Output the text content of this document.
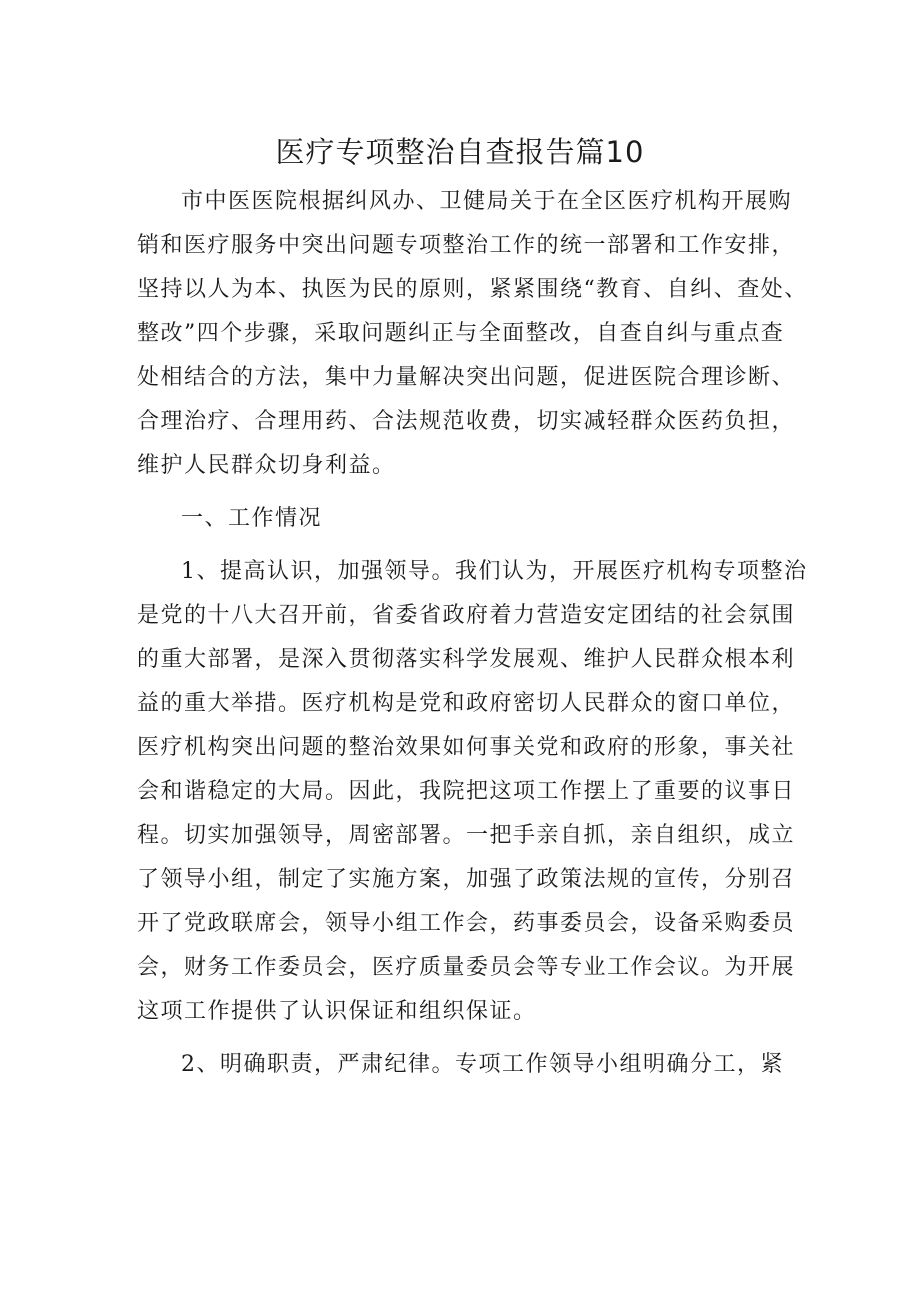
医疗专项整治自查报告篇10
市中医医院根据纠风办、卫健局关于在全区医疗机构开展购
销和医疗服务中突出问题专项整治工作的统一部署和工作安排，
坚持以人为本、执医为民的原则，紧紧围绕“教育、自纠、查处、
整改”四个步骤，采取问题纠正与全面整改，自查自纠与重点查
处相结合的方法，集中力量解决突出问题，促进医院合理诊断、
合理治疗、合理用药、合法规范收费，切实减轻群众医药负担，
维护人民群众切身利益。
一、工作情况
1、提高认识，加强领导。我们认为，开展医疗机构专项整治
是党的十八大召开前，省委省政府着力营造安定团结的社会氛围
的重大部署，是深入贯彻落实科学发展观、维护人民群众根本利
益的重大举措。医疗机构是党和政府密切人民群众的窗口单位，
医疗机构突出问题的整治效果如何事关党和政府的形象，事关社
会和谐稳定的大局。因此，我院把这项工作摆上了重要的议事日
程。切实加强领导，周密部署。一把手亲自抓，亲自组织，成立
了领导小组，制定了实施方案，加强了政策法规的宣传，分别召
开了党政联席会，领导小组工作会，药事委员会，设备采购委员
会，财务工作委员会，医疗质量委员会等专业工作会议。为开展
这项工作提供了认识保证和组织保证。
2、明确职责，严肃纪律。专项工作领导小组明确分工，紧
